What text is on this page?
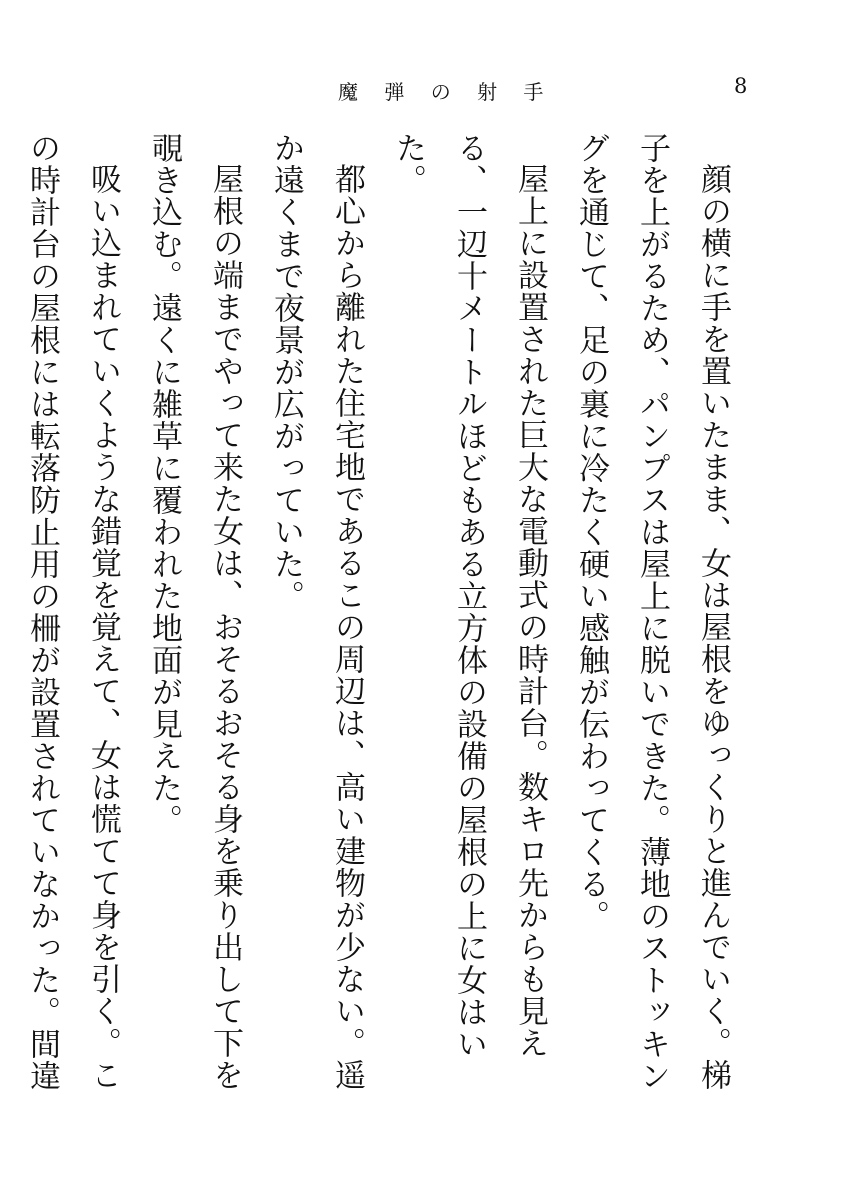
魔 弾 の 射 手	8

顔の横に手を置いたまま、女は屋根をゆっくりと進んでいく。梯子を上がるため、パンプスは屋上に脱いできた。薄地のストッキングを通じて、足の裏に冷たく硬い感触が伝わってくる。

屋上に設置された巨大な電動式の時計台。数キロ先からも見える、一辺十メートルほどもある立方体の設備の屋根の上に女はいた。

都心から離れた住宅地であるこの周辺は、高い建物が少ない。遥か遠くまで夜景が広がっていた。

屋根の端までやって来た女は、おそるおそる身を乗り出して下を覗き込む。遠くに雑草に覆われた地面が見えた。

吸い込まれていくような錯覚を覚えて、女は慌てて身を引く。この時計台の屋根には転落防止用の柵が設置されていなかった。間違
